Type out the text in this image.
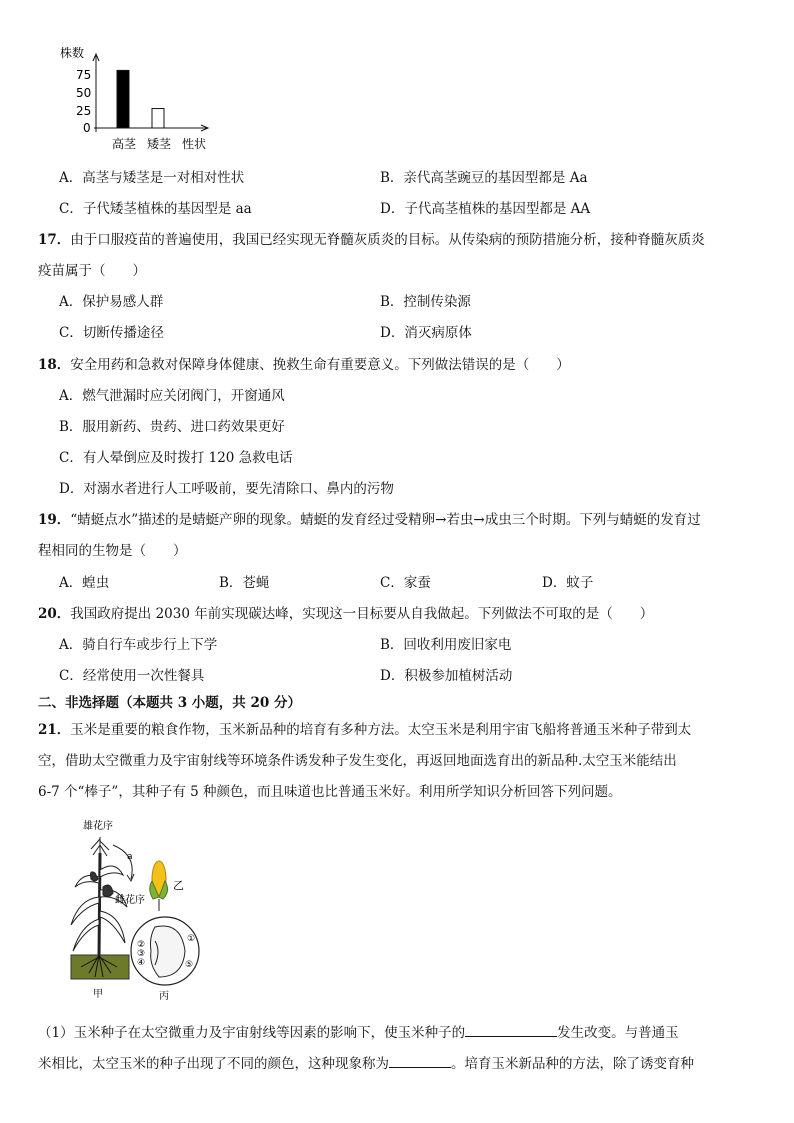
株数
75
50
25
0
高茎 矮茎 性状
A．高茎与矮茎是一对相对性状	B．亲代高茎豌豆的基因型都是 Aa
C．子代矮茎植株的基因型是 aa	D．子代高茎植株的基因型都是 AA
17．由于口服疫苗的普遍使用，我国已经实现无脊髓灰质炎的目标。从传染病的预防措施分析，接种脊髓灰质炎
疫苗属于（　　）
A．保护易感人群	B．控制传染源
C．切断传播途径	D．消灭病原体
18．安全用药和急救对保障身体健康、挽救生命有重要意义。下列做法错误的是（　　）
A．燃气泄漏时应关闭阀门，开窗通风
B．服用新药、贵药、进口药效果更好
C．有人晕倒应及时拨打 120 急救电话
D．对溺水者进行人工呼吸前，要先清除口、鼻内的污物
19．“蜻蜓点水”描述的是蜻蜓产卵的现象。蜻蜓的发育经过受精卵→若虫→成虫三个时期。下列与蜻蜓的发育过
程相同的生物是（　　）
A．蝗虫	B．苍蝇	C．家蚕	D．蚊子
20．我国政府提出 2030 年前实现碳达峰，实现这一目标要从自我做起。下列做法不可取的是（　　）
A．骑自行车或步行上下学	B．回收利用废旧家电
C．经常使用一次性餐具	D．积极参加植树活动
二、非选择题（本题共 3 小题，共 20 分）
21．玉米是重要的粮食作物，玉米新品种的培育有多种方法。太空玉米是利用宇宙飞船将普通玉米种子带到太
空，借助太空微重力及宇宙射线等环境条件诱发种子发生变化，再返回地面选育出的新品种.太空玉米能结出
6-7 个“棒子”，其种子有 5 种颜色，而且味道也比普通玉米好。利用所学知识分析回答下列问题。
雄花序
a
雌花序
乙
①
②
③
④	⑤
甲	丙
（1）玉米种子在太空微重力及宇宙射线等因素的影响下，使玉米种子的	发生改变。与普通玉
米相比，太空玉米的种子出现了不同的颜色，这种现象称为	。培育玉米新品种的方法，除了诱变育种
